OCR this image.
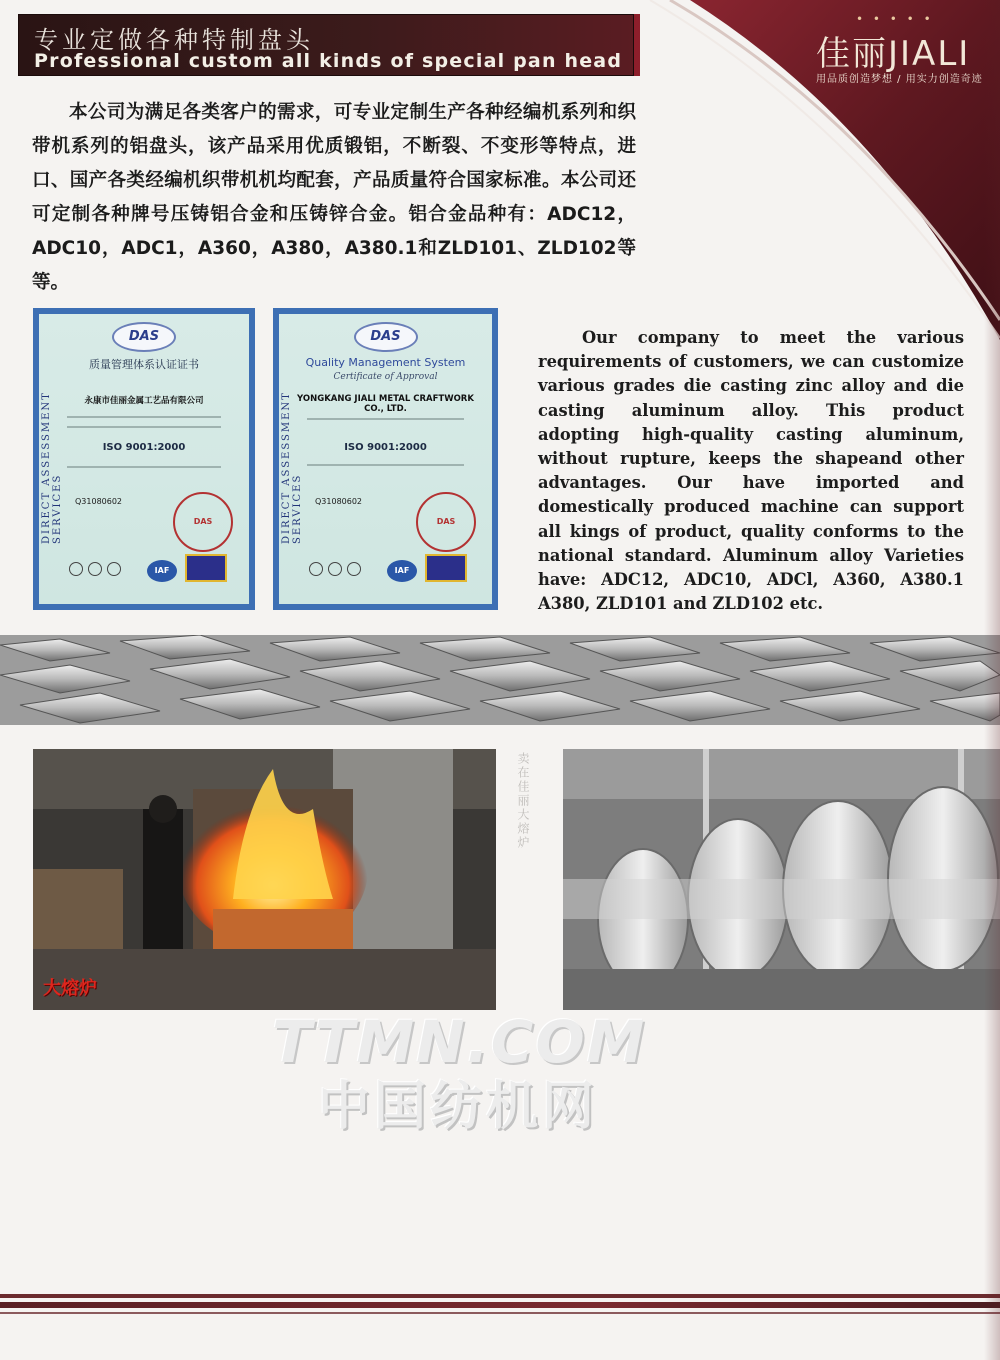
专业定做各种特制盘头
Professional custom all kinds of special pan head
• • • • •
佳丽JIALI
用品质创造梦想 / 用实力创造奇迹

本公司为满足各类客户的需求，可专业定制生产各种经编机系列和织带机系列的铝盘头，该产品采用优质锻铝，不断裂、不变形等特点，进口、国产各类经编机织带机机均配套，产品质量符合国家标准。本公司还可定制各种牌号压铸铝合金和压铸锌合金。铝合金品种有：ADC12，ADC10，ADC1，A360，A380，A380.1和ZLD101、ZLD102等等。

DAS
DIRECT ASSESSMENT SERVICES
质量管理体系认证证书
永康市佳丽金属工艺品有限公司
ISO 9001:2000
Q31080602
DAS
IAF
DAS
DIRECT ASSESSMENT SERVICES
Quality Management System
Certificate of Approval
YONGKANG JIALI METAL CRAFTWORK CO., LTD.
ISO 9001:2000
Q31080602
DAS
IAF

Our company to meet the various requirements of customers, we can customize various grades die casting zinc alloy and die casting aluminum alloy. This product adopting high-quality casting aluminum, without rupture, keeps the shapeand other advantages. Our have imported and domestically produced machine can support all kings of product, quality conforms to the national standard. Aluminum alloy Varieties have: ADC12, ADC10, ADCl, A360, A380.1 A380, ZLD101 and ZLD102 etc.

大熔炉
卖在佳丽大熔炉
TTMN.COM
中国纺机网
